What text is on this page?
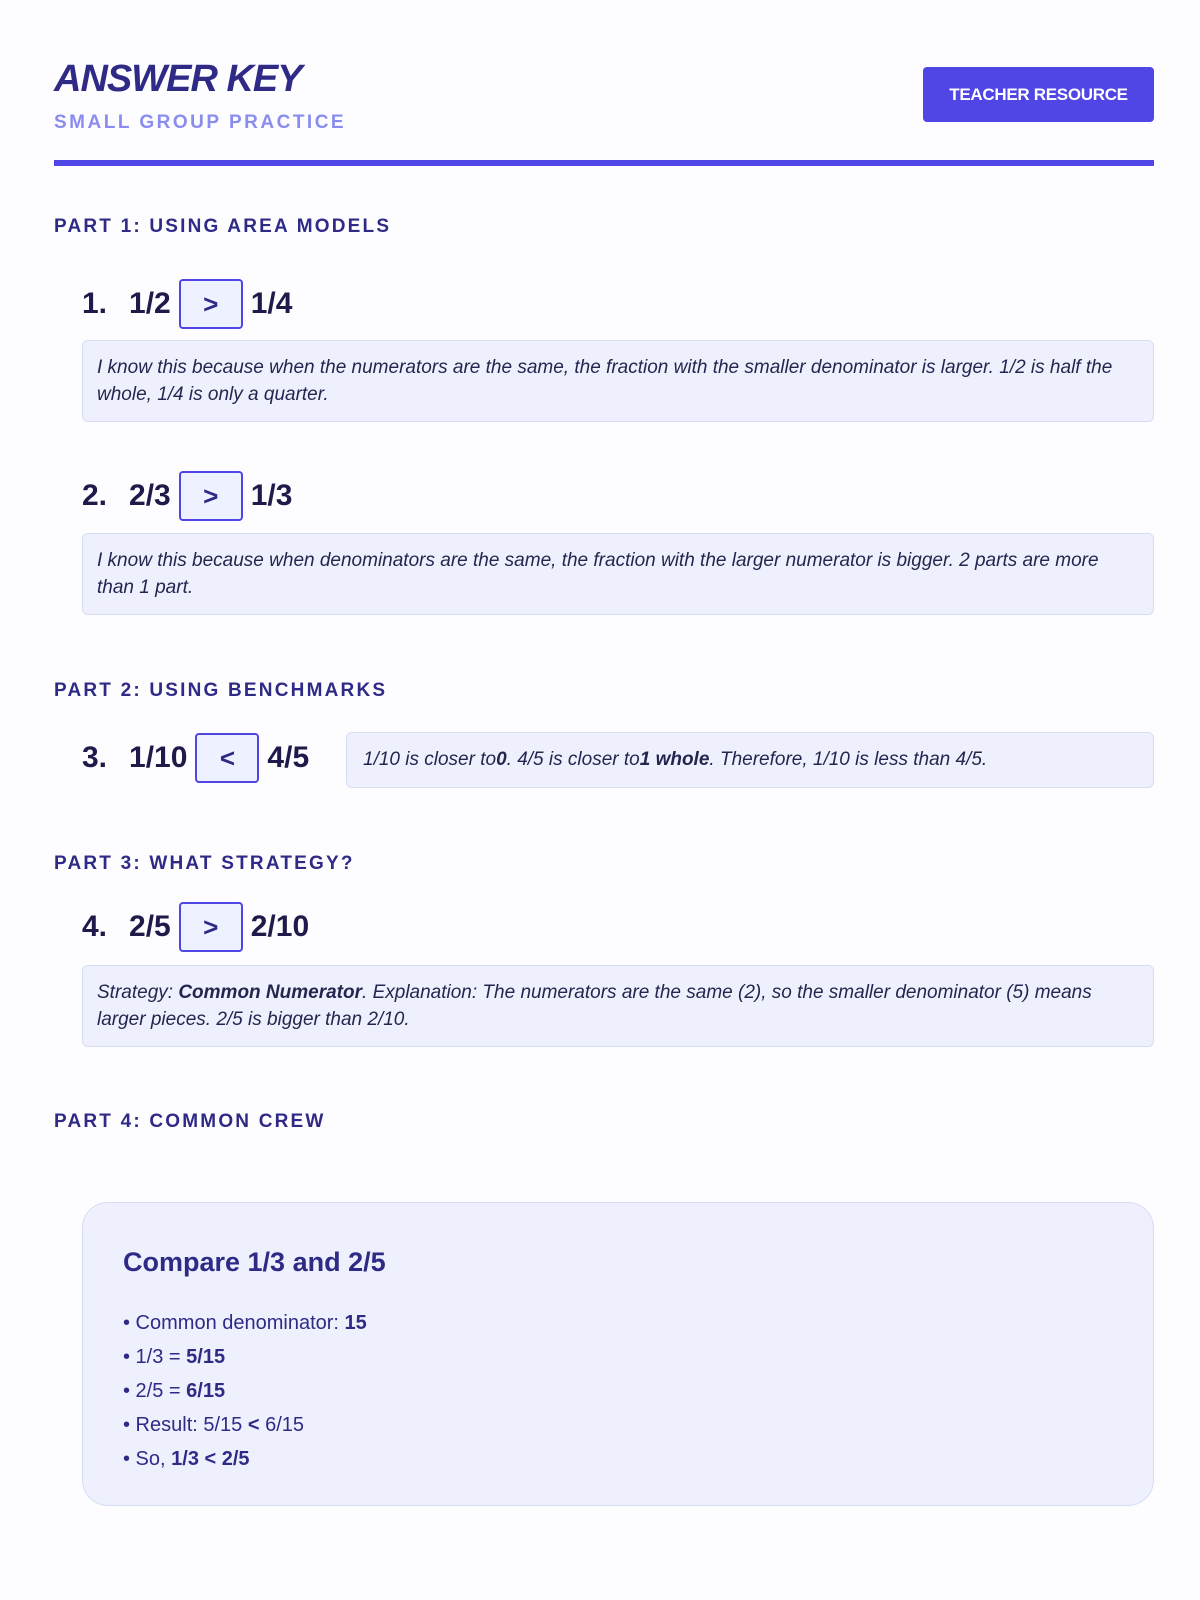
ANSWER KEY
SMALL GROUP PRACTICE
TEACHER RESOURCE
PART 1: USING AREA MODELS
1. 1/2	>	1/4
I know this because when the numerators are the same, the fraction with the smaller denominator is larger. 1/2 is half the whole, 1/4 is only a quarter.
2. 2/3	>	1/3
I know this because when denominators are the same, the fraction with the larger numerator is bigger. 2 parts are more than 1 part.
PART 2: USING BENCHMARKS
3. 1/10	<	4/5	1/10 is closer to 0 . 4/5 is closer to 1 whole . Therefore, 1/10 is less than 4/5.
PART 3: WHAT STRATEGY?
4. 2/5	>	2/10
Strategy: Common Numerator. Explanation: The numerators are the same (2), so the smaller denominator (5) means larger pieces. 2/5 is bigger than 2/10.
PART 4: COMMON CREW
Compare 1/3 and 2/5
• Common denominator: 15
• 1/3 = 5/15
• 2/5 = 6/15
• Result: 5/15 < 6/15
• So, 1/3 < 2/5
